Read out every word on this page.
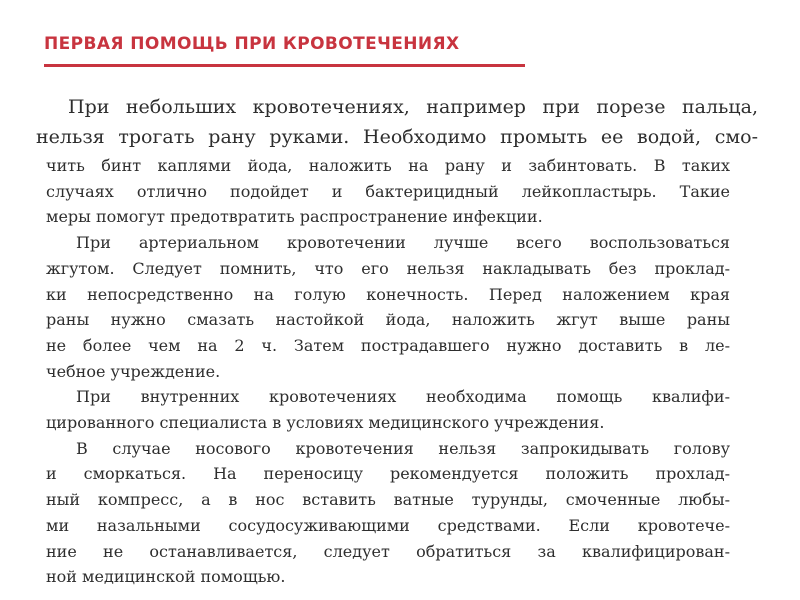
ПЕРВАЯ ПОМОЩЬ ПРИ КРОВОТЕЧЕНИЯХ
При небольших кровотечениях, например при порезе пальца,
нельзя трогать рану руками. Необходимо промыть ее водой, смо-
чить бинт каплями йода, наложить на рану и забинтовать. В таких
случаях отлично подойдет и бактерицидный лейкопластырь. Такие
меры помогут предотвратить распространение инфекции.
При артериальном кровотечении лучше всего воспользоваться
жгутом. Следует помнить, что его нельзя накладывать без проклад-
ки непосредственно на голую конечность. Перед наложением края
раны нужно смазать настойкой йода, наложить жгут выше раны
не более чем на 2 ч. Затем пострадавшего нужно доставить в ле-
чебное учреждение.
При внутренних кровотечениях необходима помощь квалифи-
цированного специалиста в условиях медицинского учреждения.
В случае носового кровотечения нельзя запрокидывать голову
и сморкаться. На переносицу рекомендуется положить прохлад-
ный компресс, а в нос вставить ватные турунды, смоченные любы-
ми назальными сосудосуживающими средствами. Если кровотече-
ние не останавливается, следует обратиться за квалифицирован-
ной медицинской помощью.
